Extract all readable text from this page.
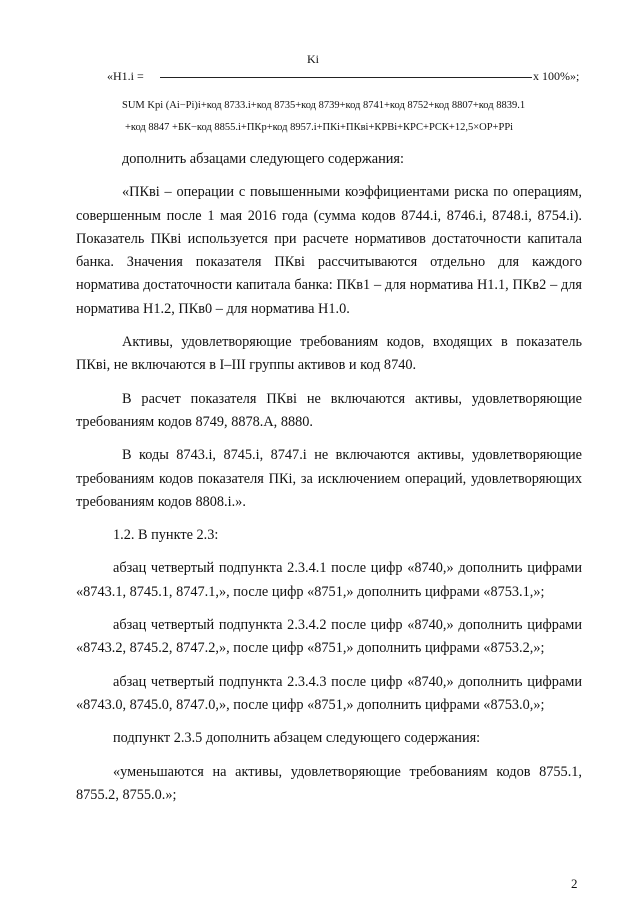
Ki
«Н1.i =	x 100%»;
SUM Kpi (Ai−Pi)i+код 8733.i+код 8735+код 8739+код 8741+код 8752+код 8807+код 8839.1
+код 8847 +БК−код 8855.i+ПКр+код 8957.i+ПКi+ПКвi+КРВi+КРС+РСК+12,5×ОР+РРi

дополнить абзацами следующего содержания:

«ПКвi – операции с повышенными коэффициентами риска по операциям, совершенным после 1 мая 2016 года (сумма кодов 8744.i, 8746.i, 8748.i, 8754.i). Показатель ПКвi используется при расчете нормативов достаточности капитала банка. Значения показателя ПКвi рассчитываются отдельно для каждого норматива достаточности капитала банка: ПКв1 – для норматива Н1.1, ПКв2 – для норматива Н1.2, ПКв0 – для норматива Н1.0.

Активы, удовлетворяющие требованиям кодов, входящих в показатель ПКвi, не включаются в I–III группы активов и код 8740.

В расчет показателя ПКвi не включаются активы, удовлетворяющие требованиям кодов 8749, 8878.А, 8880.

В коды 8743.i, 8745.i, 8747.i не включаются активы, удовлетворяющие требованиям кодов показателя ПКi, за исключением операций, удовлетворяющих требованиям кодов 8808.i.».

1.2. В пункте 2.3:

абзац четвертый подпункта 2.3.4.1 после цифр «8740,» дополнить цифрами «8743.1, 8745.1, 8747.1,», после цифр «8751,» дополнить цифрами «8753.1,»;

абзац четвертый подпункта 2.3.4.2 после цифр «8740,» дополнить цифрами «8743.2, 8745.2, 8747.2,», после цифр «8751,» дополнить цифрами «8753.2,»;

абзац четвертый подпункта 2.3.4.3 после цифр «8740,» дополнить цифрами «8743.0, 8745.0, 8747.0,», после цифр «8751,» дополнить цифрами «8753.0,»;

подпункт 2.3.5 дополнить абзацем следующего содержания:

«уменьшаются на активы, удовлетворяющие требованиям кодов 8755.1, 8755.2, 8755.0.»;

2
